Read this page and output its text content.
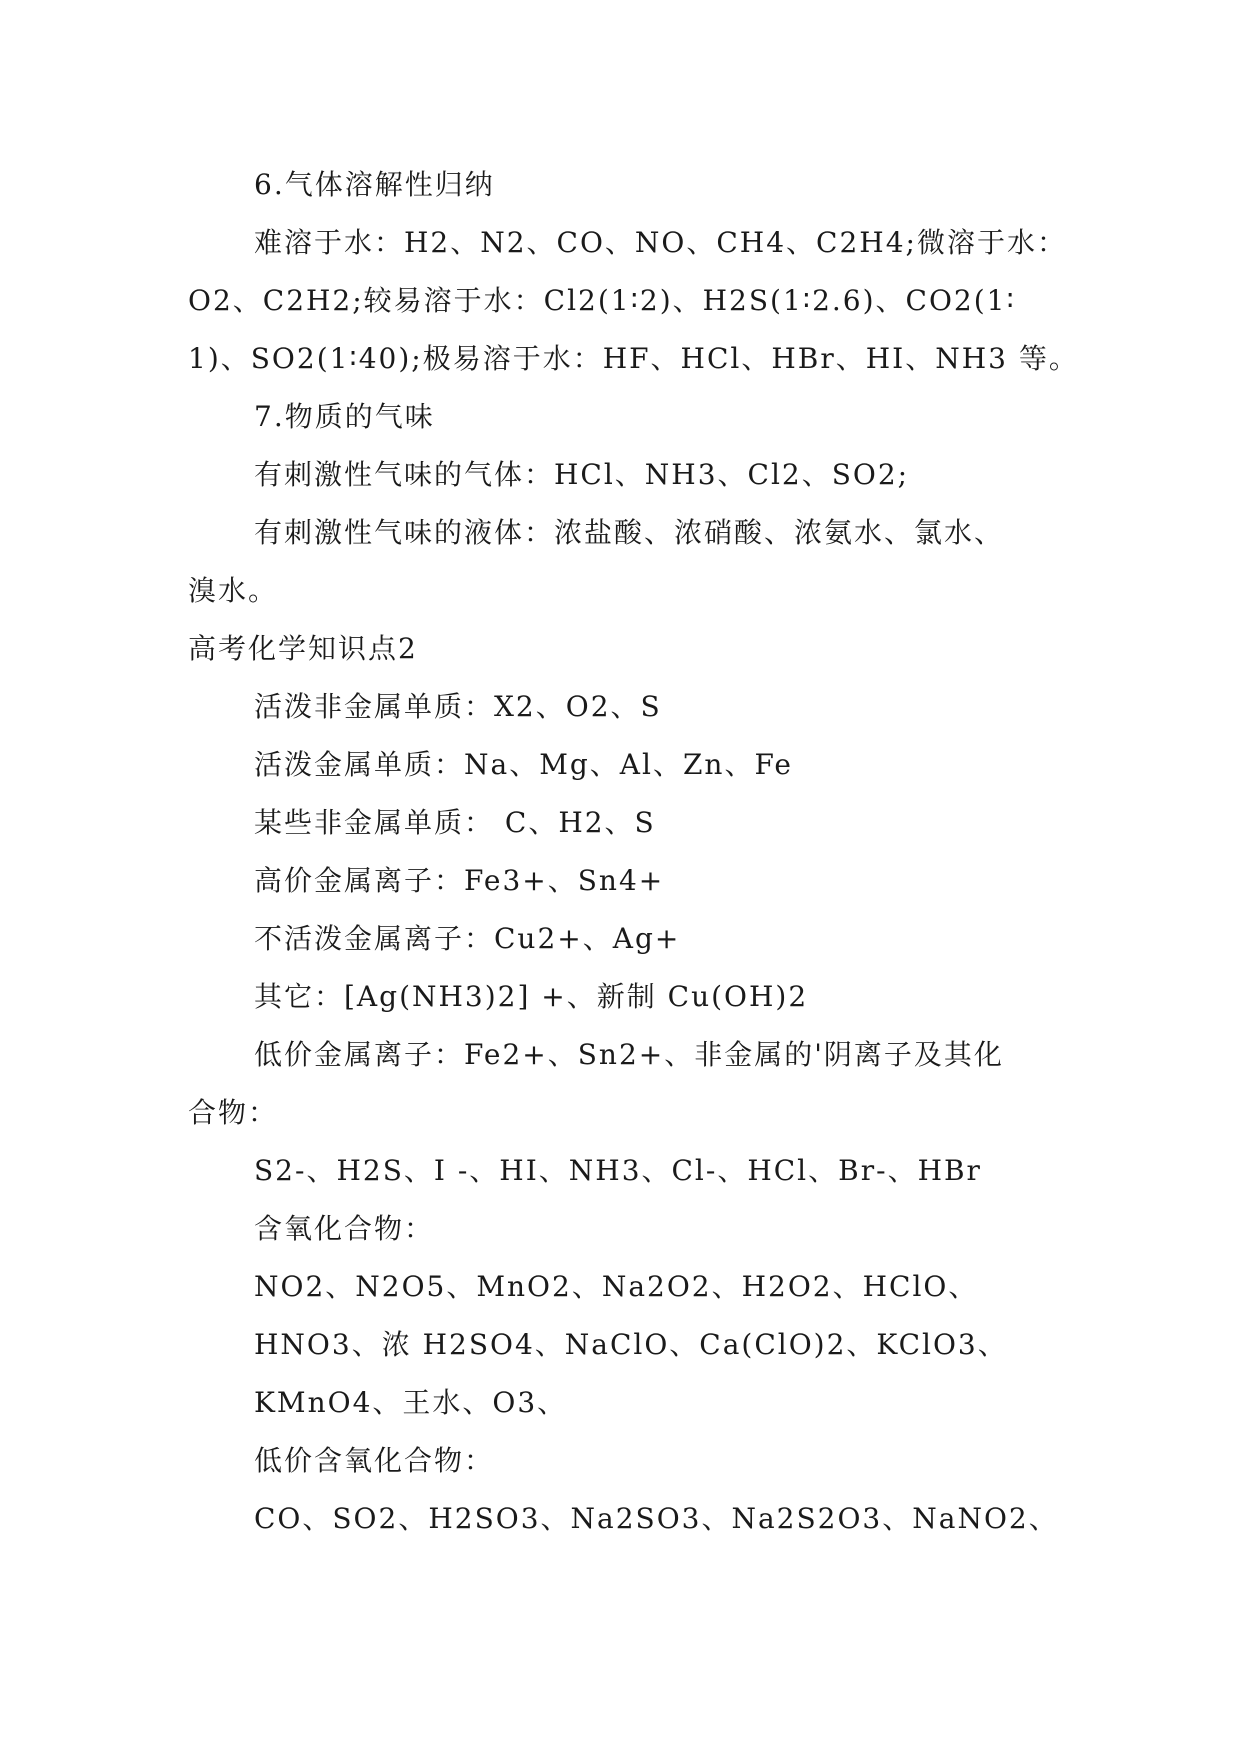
6.气体溶解性归纳
难溶于水：H2、N2、CO、NO、CH4、C2H4;微溶于水：
O2、C2H2;较易溶于水：Cl2(1∶2)、H2S(1∶2.6)、CO2(1∶
1)、SO2(1∶40);极易溶于水：HF、HCl、HBr、HI、NH3 等。
7.物质的气味
有刺激性气味的气体：HCl、NH3、Cl2、SO2;
有刺激性气味的液体：浓盐酸、浓硝酸、浓氨水、氯水、
溴水。
高考化学知识点2
活泼非金属单质：X2、O2、S
活泼金属单质：Na、Mg、Al、Zn、Fe
某些非金属单质： C、H2、S
高价金属离子：Fe3+、Sn4+
不活泼金属离子：Cu2+、Ag+
其它：[Ag(NH3)2] +、新制 Cu(OH)2
低价金属离子：Fe2+、Sn2+、非金属的'阴离子及其化
合物：
S2-、H2S、I -、HI、NH3、Cl-、HCl、Br-、HBr
含氧化合物：
NO2、N2O5、MnO2、Na2O2、H2O2、HClO、
HNO3、浓 H2SO4、NaClO、Ca(ClO)2、KClO3、
KMnO4、王水、O3、
低价含氧化合物：
CO、SO2、H2SO3、Na2SO3、Na2S2O3、NaNO2、
